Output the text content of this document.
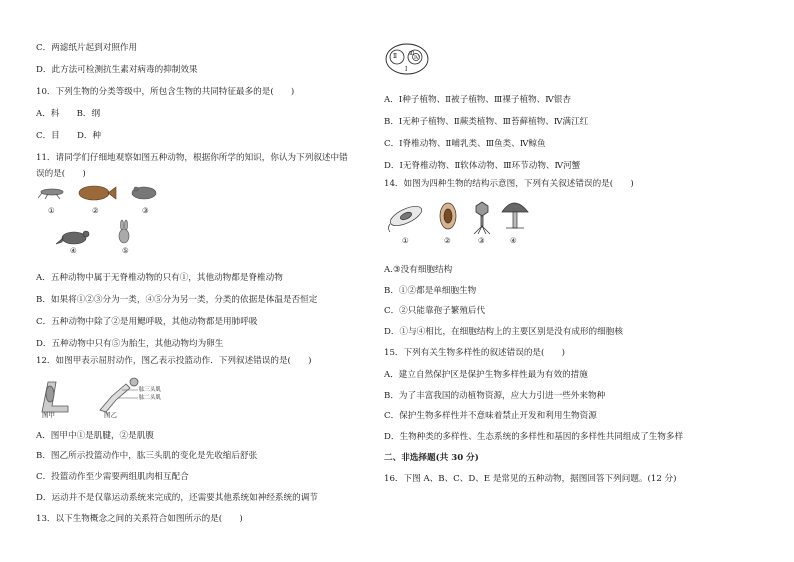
C．两滤纸片起到对照作用
D．此方法可检测抗生素对病毒的抑制效果
10．下列生物的分类等级中，所包含生物的共同特征最多的是(　　)
A．科　　B．纲
C．目　　D．种
11．请同学们仔细地观察如图五种动物，根据你所学的知识，你认为下列叙述中错
误的是(　　)
①	②	③
④	⑤
A．五种动物中属于无脊椎动物的只有①，其他动物都是脊椎动物
B．如果将①②③分为一类，④⑤分为另一类，分类的依据是体温是否恒定
C．五种动物中除了②是用鳃呼吸，其他动物都是用肺呼吸
D．五种动物中只有⑤为胎生，其他动物均为卵生
12．如图甲表示屈肘动作，图乙表示投篮动作．下列叙述错误的是(　　)
图甲	图乙
肱三头肌
肱二头肌
A．图甲中①是肌腱，②是肌腹
B．图乙所示投篮动作中，肱三头肌的变化是先收缩后舒张
C．投篮动作至少需要两组肌肉相互配合
D．运动并不是仅靠运动系统来完成的，还需要其他系统如神经系统的调节
13．以下生物概念之间的关系符合如图所示的是(　　)
Ⅱ Ⅲ
Ⅳ
Ⅰ
A．Ⅰ种子植物、Ⅱ被子植物、Ⅲ裸子植物、Ⅳ银杏
B．Ⅰ无种子植物、Ⅱ蕨类植物、Ⅲ苔藓植物、Ⅳ满江红
C．Ⅰ脊椎动物、Ⅱ哺乳类、Ⅲ鱼类、Ⅳ鲸鱼
D．Ⅰ无脊椎动物、Ⅱ软体动物、Ⅲ环节动物、Ⅳ河蟹
14．如图为四种生物的结构示意图，下列有关叙述错误的是(　　)
①	②	③	④
A.③没有细胞结构
B．①②都是单细胞生物
C．②只能靠孢子繁殖后代
D．①与④相比，在细胞结构上的主要区别是没有成形的细胞核
15．下列有关生物多样性的叙述错误的是(　　)
A．建立自然保护区是保护生物多样性最为有效的措施
B．为了丰富我国的动植物资源，应大力引进一些外来物种
C．保护生物多样性并不意味着禁止开发和利用生物资源
D．生物种类的多样性、生态系统的多样性和基因的多样性共同组成了生物多样
二、非选择题(共 30 分)
16．下图 A、B、C、D、E 是常见的五种动物，据图回答下列问题。(12 分)
